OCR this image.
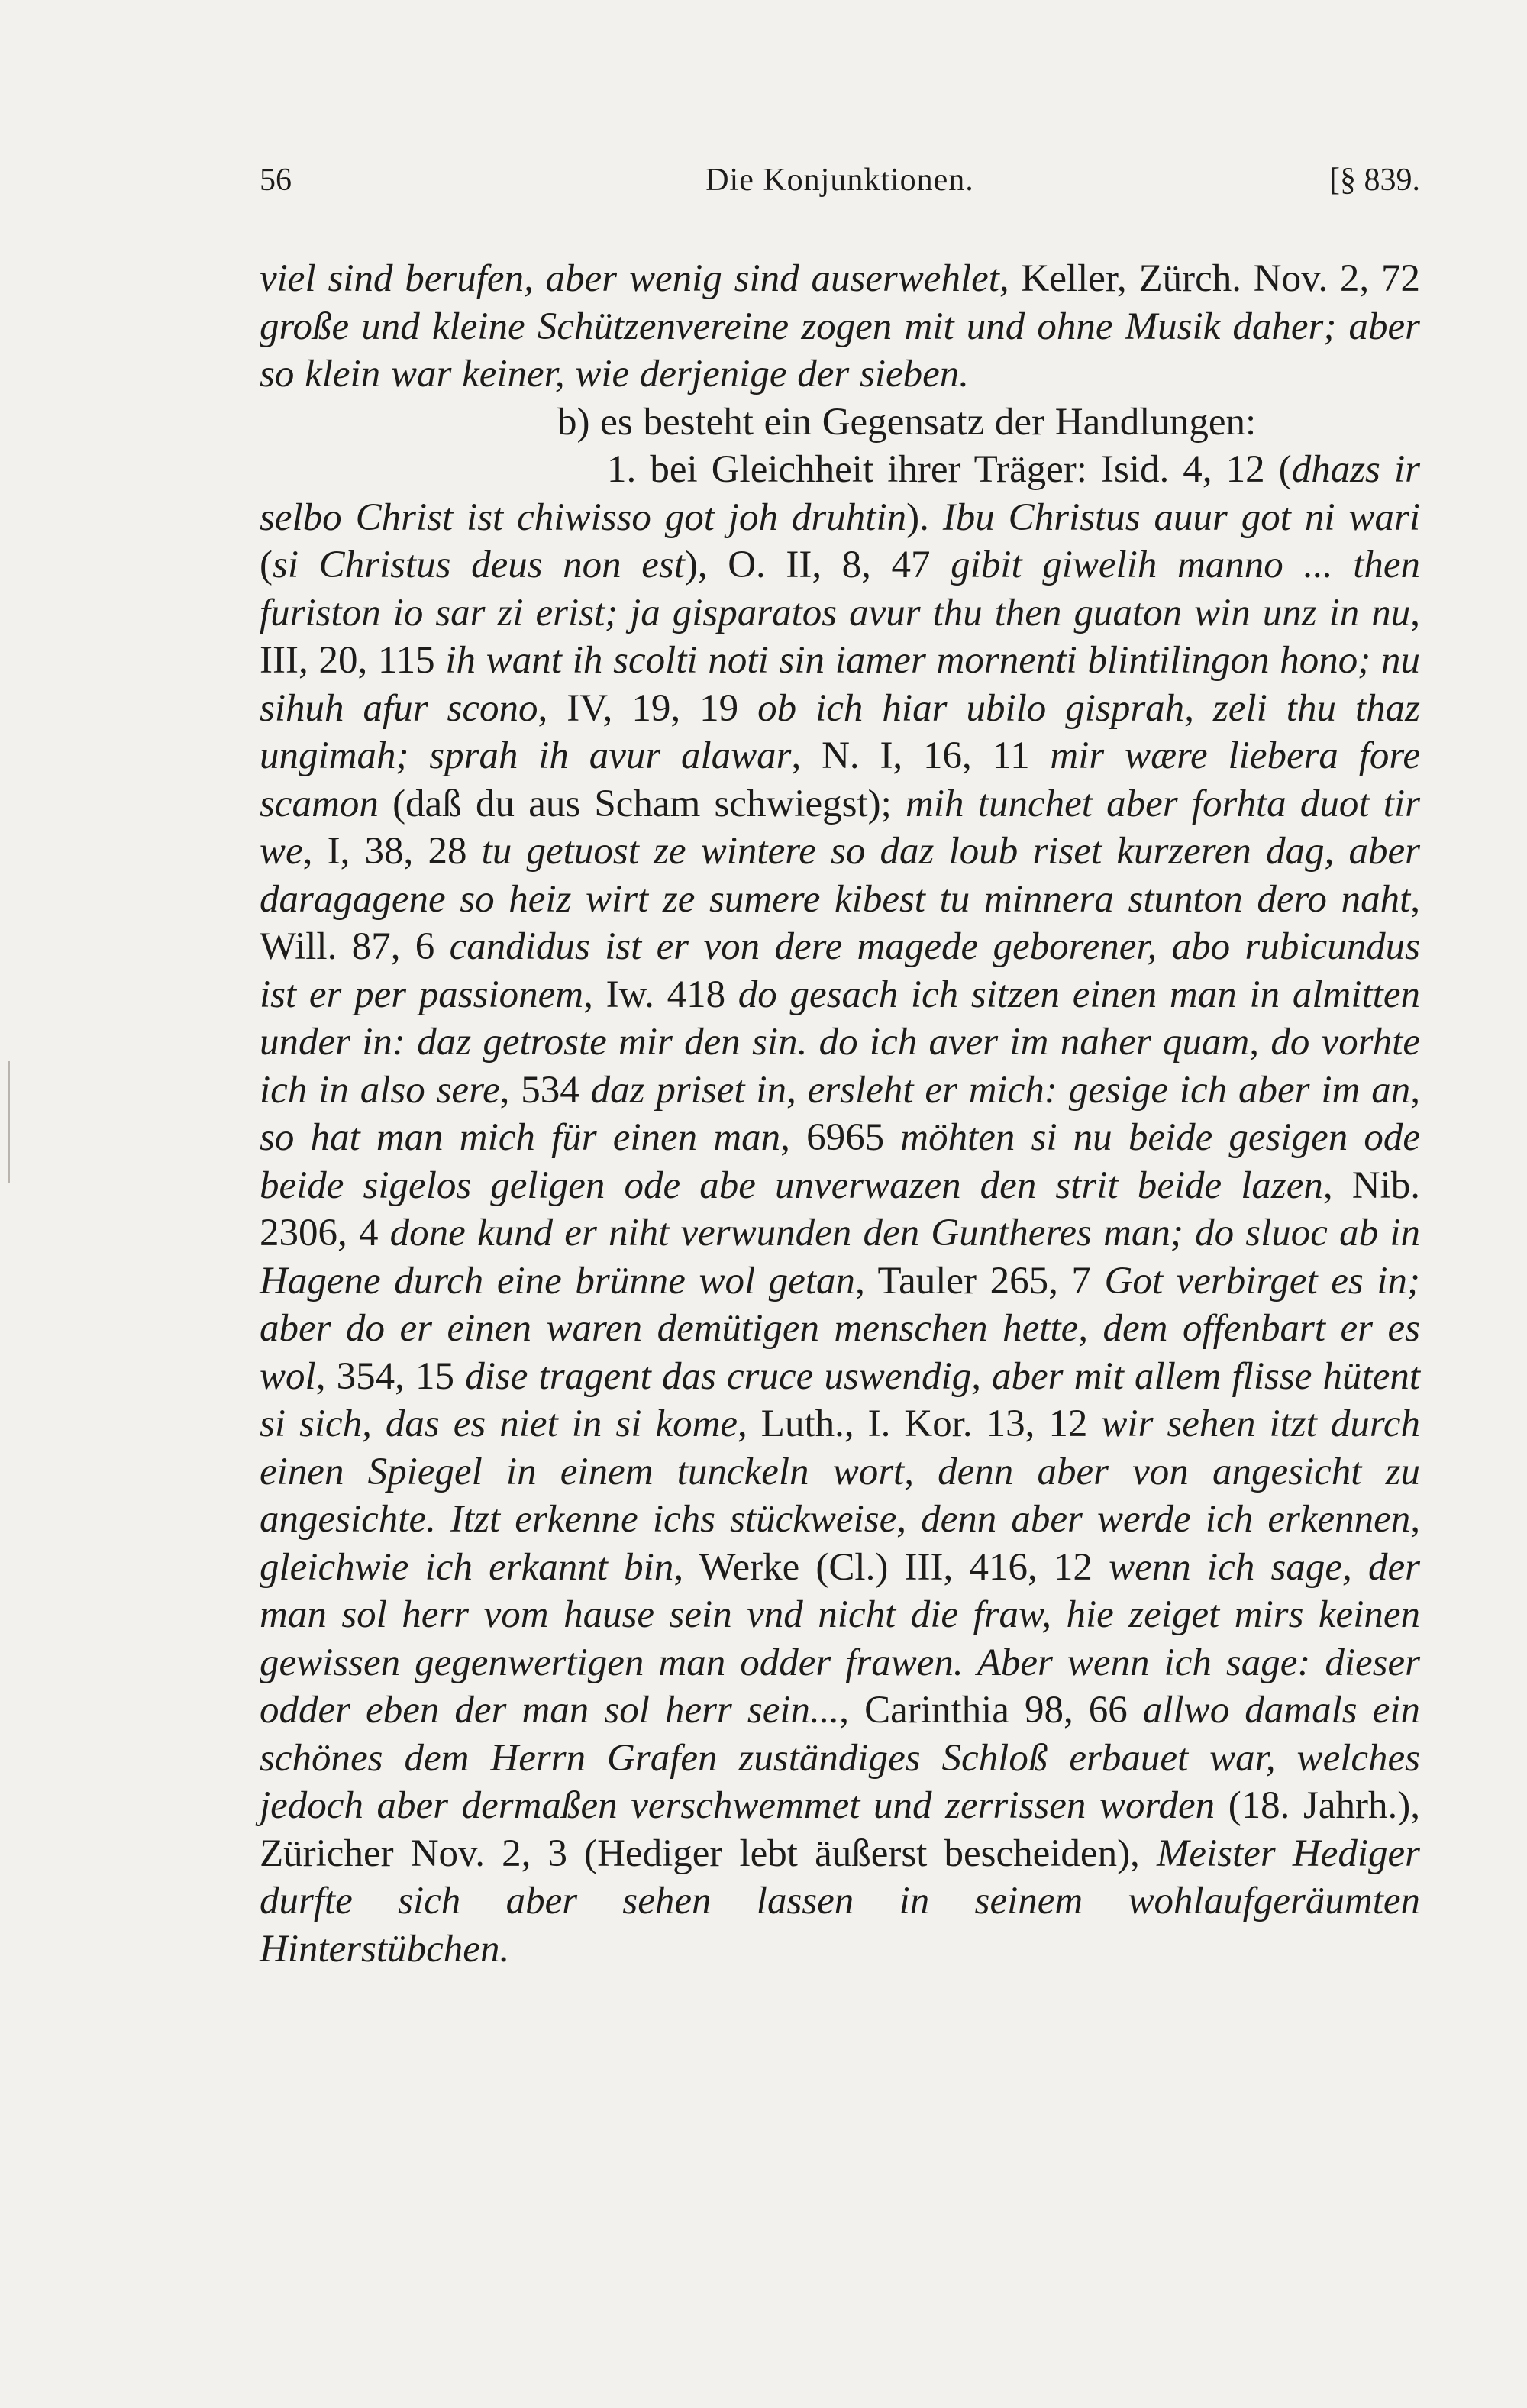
56	Die Konjunktionen.	[§ 839.

viel sind berufen, aber wenig sind auserwehlet, Keller, Zürch. Nov. 2, 72 große und kleine Schützenvereine zogen mit und ohne Musik daher; aber so klein war keiner, wie derjenige der sieben.

b) es besteht ein Gegensatz der Handlungen:

1. bei Gleichheit ihrer Träger: Isid. 4, 12 (dhazs ir selbo Christ ist chiwisso got joh druhtin). Ibu Christus auur got ni wari (si Christus deus non est), O. II, 8, 47 gibit giwelih manno ... then furiston io sar zi erist; ja gisparatos avur thu then guaton win unz in nu, III, 20, 115 ih want ih scolti noti sin iamer mornenti blintilingon hono; nu sihuh afur scono, IV, 19, 19 ob ich hiar ubilo gisprah, zeli thu thaz ungimah; sprah ih avur alawar, N. I, 16, 11 mir wære liebera fore scamon (daß du aus Scham schwiegst); mih tunchet aber forhta duot tir we, I, 38, 28 tu getuost ze wintere so daz loub riset kurzeren dag, aber daragagene so heiz wirt ze sumere kibest tu minnera stunton dero naht, Will. 87, 6 candidus ist er von dere magede geborener, abo rubicundus ist er per passionem, Iw. 418 do gesach ich sitzen einen man in almitten under in: daz getroste mir den sin. do ich aver im naher quam, do vorhte ich in also sere, 534 daz priset in, ersleht er mich: gesige ich aber im an, so hat man mich für einen man, 6965 möhten si nu beide gesigen ode beide sigelos geligen ode abe unverwazen den strit beide lazen, Nib. 2306, 4 done kund er niht verwunden den Guntheres man; do sluoc ab in Hagene durch eine brünne wol getan, Tauler 265, 7 Got verbirget es in; aber do er einen waren demütigen menschen hette, dem offenbart er es wol, 354, 15 dise tragent das cruce uswendig, aber mit allem flisse hütent si sich, das es niet in si kome, Luth., I. Kor. 13, 12 wir sehen itzt durch einen Spiegel in einem tunckeln wort, denn aber von angesicht zu angesichte. Itzt erkenne ichs stückweise, denn aber werde ich erkennen, gleichwie ich erkannt bin, Werke (Cl.) III, 416, 12 wenn ich sage, der man sol herr vom hause sein vnd nicht die fraw, hie zeiget mirs keinen gewissen gegenwertigen man odder frawen. Aber wenn ich sage: dieser odder eben der man sol herr sein..., Carinthia 98, 66 allwo damals ein schönes dem Herrn Grafen zuständiges Schloß erbauet war, welches jedoch aber dermaßen verschwemmet und zerrissen worden (18. Jahrh.), Züricher Nov. 2, 3 (Hediger lebt äußerst bescheiden), Meister Hediger durfte sich aber sehen lassen in seinem wohlaufgeräumten Hinterstübchen.
